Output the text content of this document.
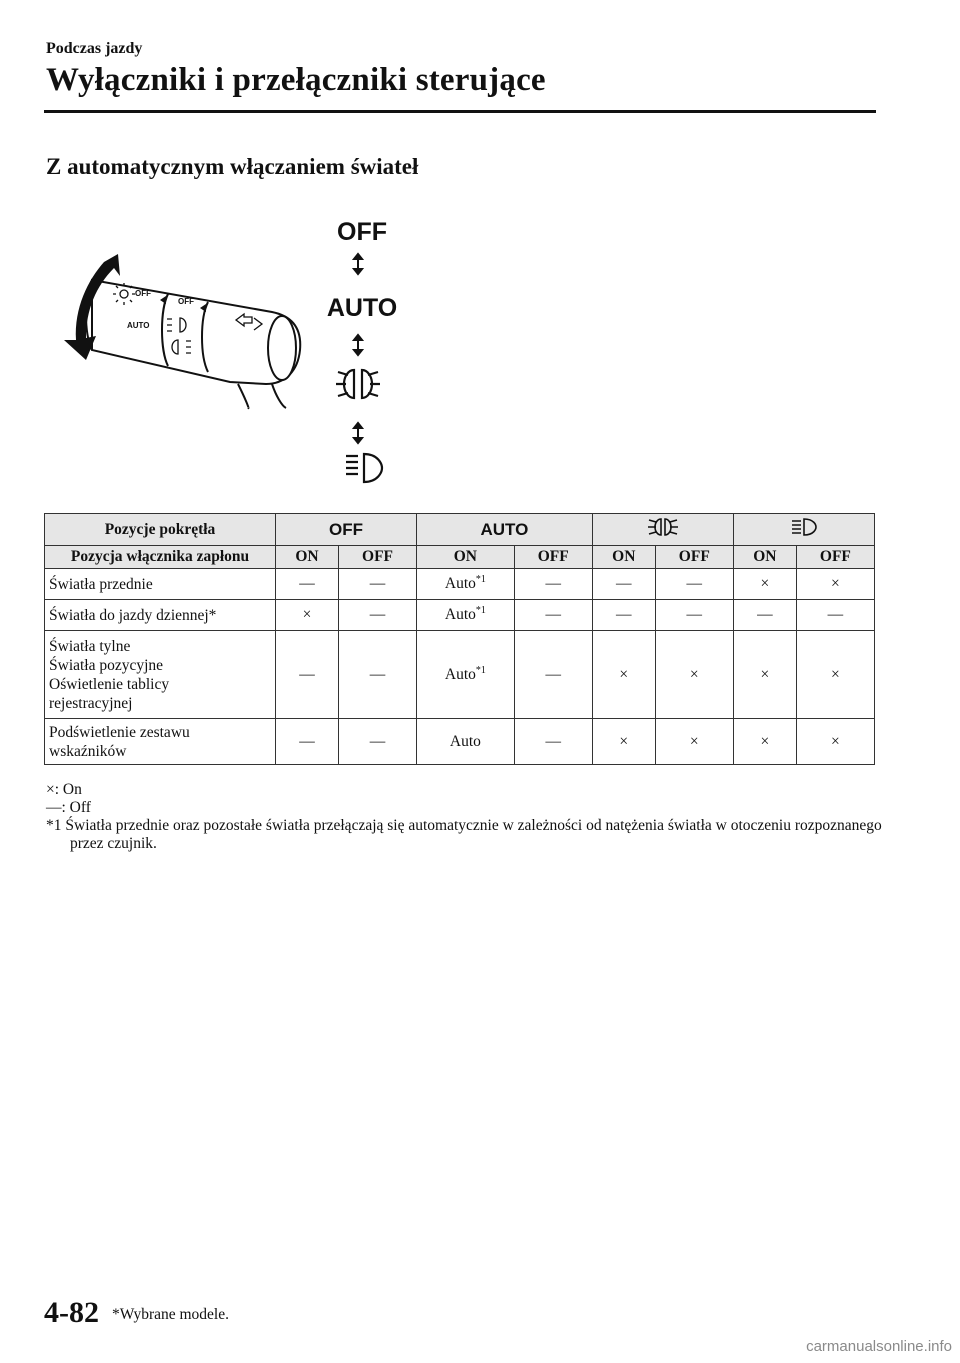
Podczas jazdy
Wyłączniki i przełączniki sterujące
Z automatycznym włączaniem świateł
OFF
AUTO
OFF
OFF
AUTO
Pozycje pokrętła	OFF		AUTO		
Pozycja włącznika zapłonu	ON	OFF	ON	OFF	ON	OFF	ON	OFF
Światła przednie	—	—	Auto$^{*1}$	—	—	—	×	×
Światła do jazdy dziennej*	×	—	Auto$^{*1}$	—	—	—	—	—

Światła tylne
Światła pozycyjne
Oświetlenie tablicy
rejestracyjnej	—	—	Auto$^{*1}$	—	×	×	×	×

Podświetlenie zestawu
wskaźników	—	—	Auto	—	×	×	×	×
×: On
—: Off
*1 Światła przednie oraz pozostałe światła przełączają się automatycznie w zależności od natężenia światła w otoczeniu rozpoznanego przez czujnik.
4-82 *Wybrane modele.
carmanualsonline.info
